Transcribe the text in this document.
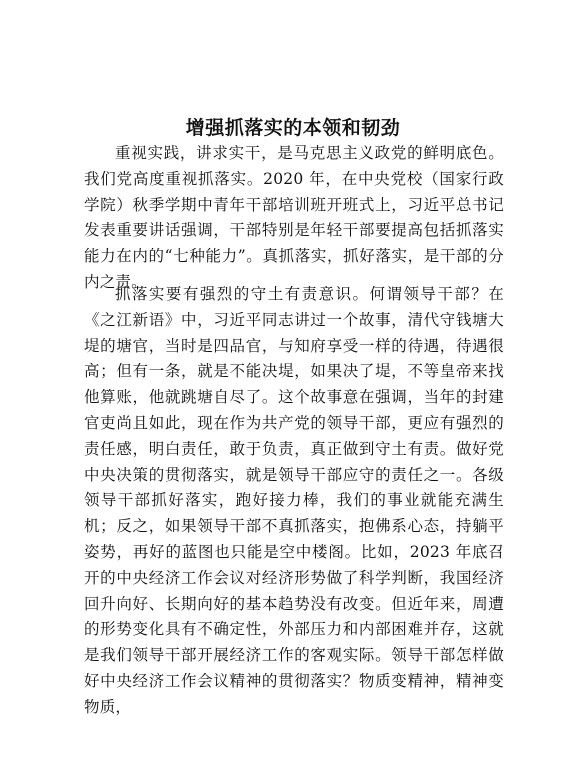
增强抓落实的本领和韧劲

重视实践，讲求实干，是马克思主义政党的鲜明底色。我们党高度重视抓落实。2020 年，在中央党校（国家行政学院）秋季学期中青年干部培训班开班式上，习近平总书记发表重要讲话强调，干部特别是年轻干部要提高包括抓落实能力在内的“七种能力”。真抓落实，抓好落实，是干部的分内之责。

抓落实要有强烈的守土有责意识。何谓领导干部？在《之江新语》中，习近平同志讲过一个故事，清代守钱塘大堤的塘官，当时是四品官，与知府享受一样的待遇，待遇很高；但有一条，就是不能决堤，如果决了堤，不等皇帝来找他算账，他就跳塘自尽了。这个故事意在强调，当年的封建官吏尚且如此，现在作为共产党的领导干部，更应有强烈的责任感，明白责任，敢于负责，真正做到守土有责。做好党中央决策的贯彻落实，就是领导干部应守的责任之一。各级领导干部抓好落实，跑好接力棒，我们的事业就能充满生机；反之，如果领导干部不真抓落实，抱佛系心态，持躺平姿势，再好的蓝图也只能是空中楼阁。比如，2023 年底召开的中央经济工作会议对经济形势做了科学判断，我国经济回升向好、长期向好的基本趋势没有改变。但近年来，周遭的形势变化具有不确定性，外部压力和内部困难并存，这就是我们领导干部开展经济工作的客观实际。领导干部怎样做好中央经济工作会议精神的贯彻落实？物质变精神，精神变物质，
